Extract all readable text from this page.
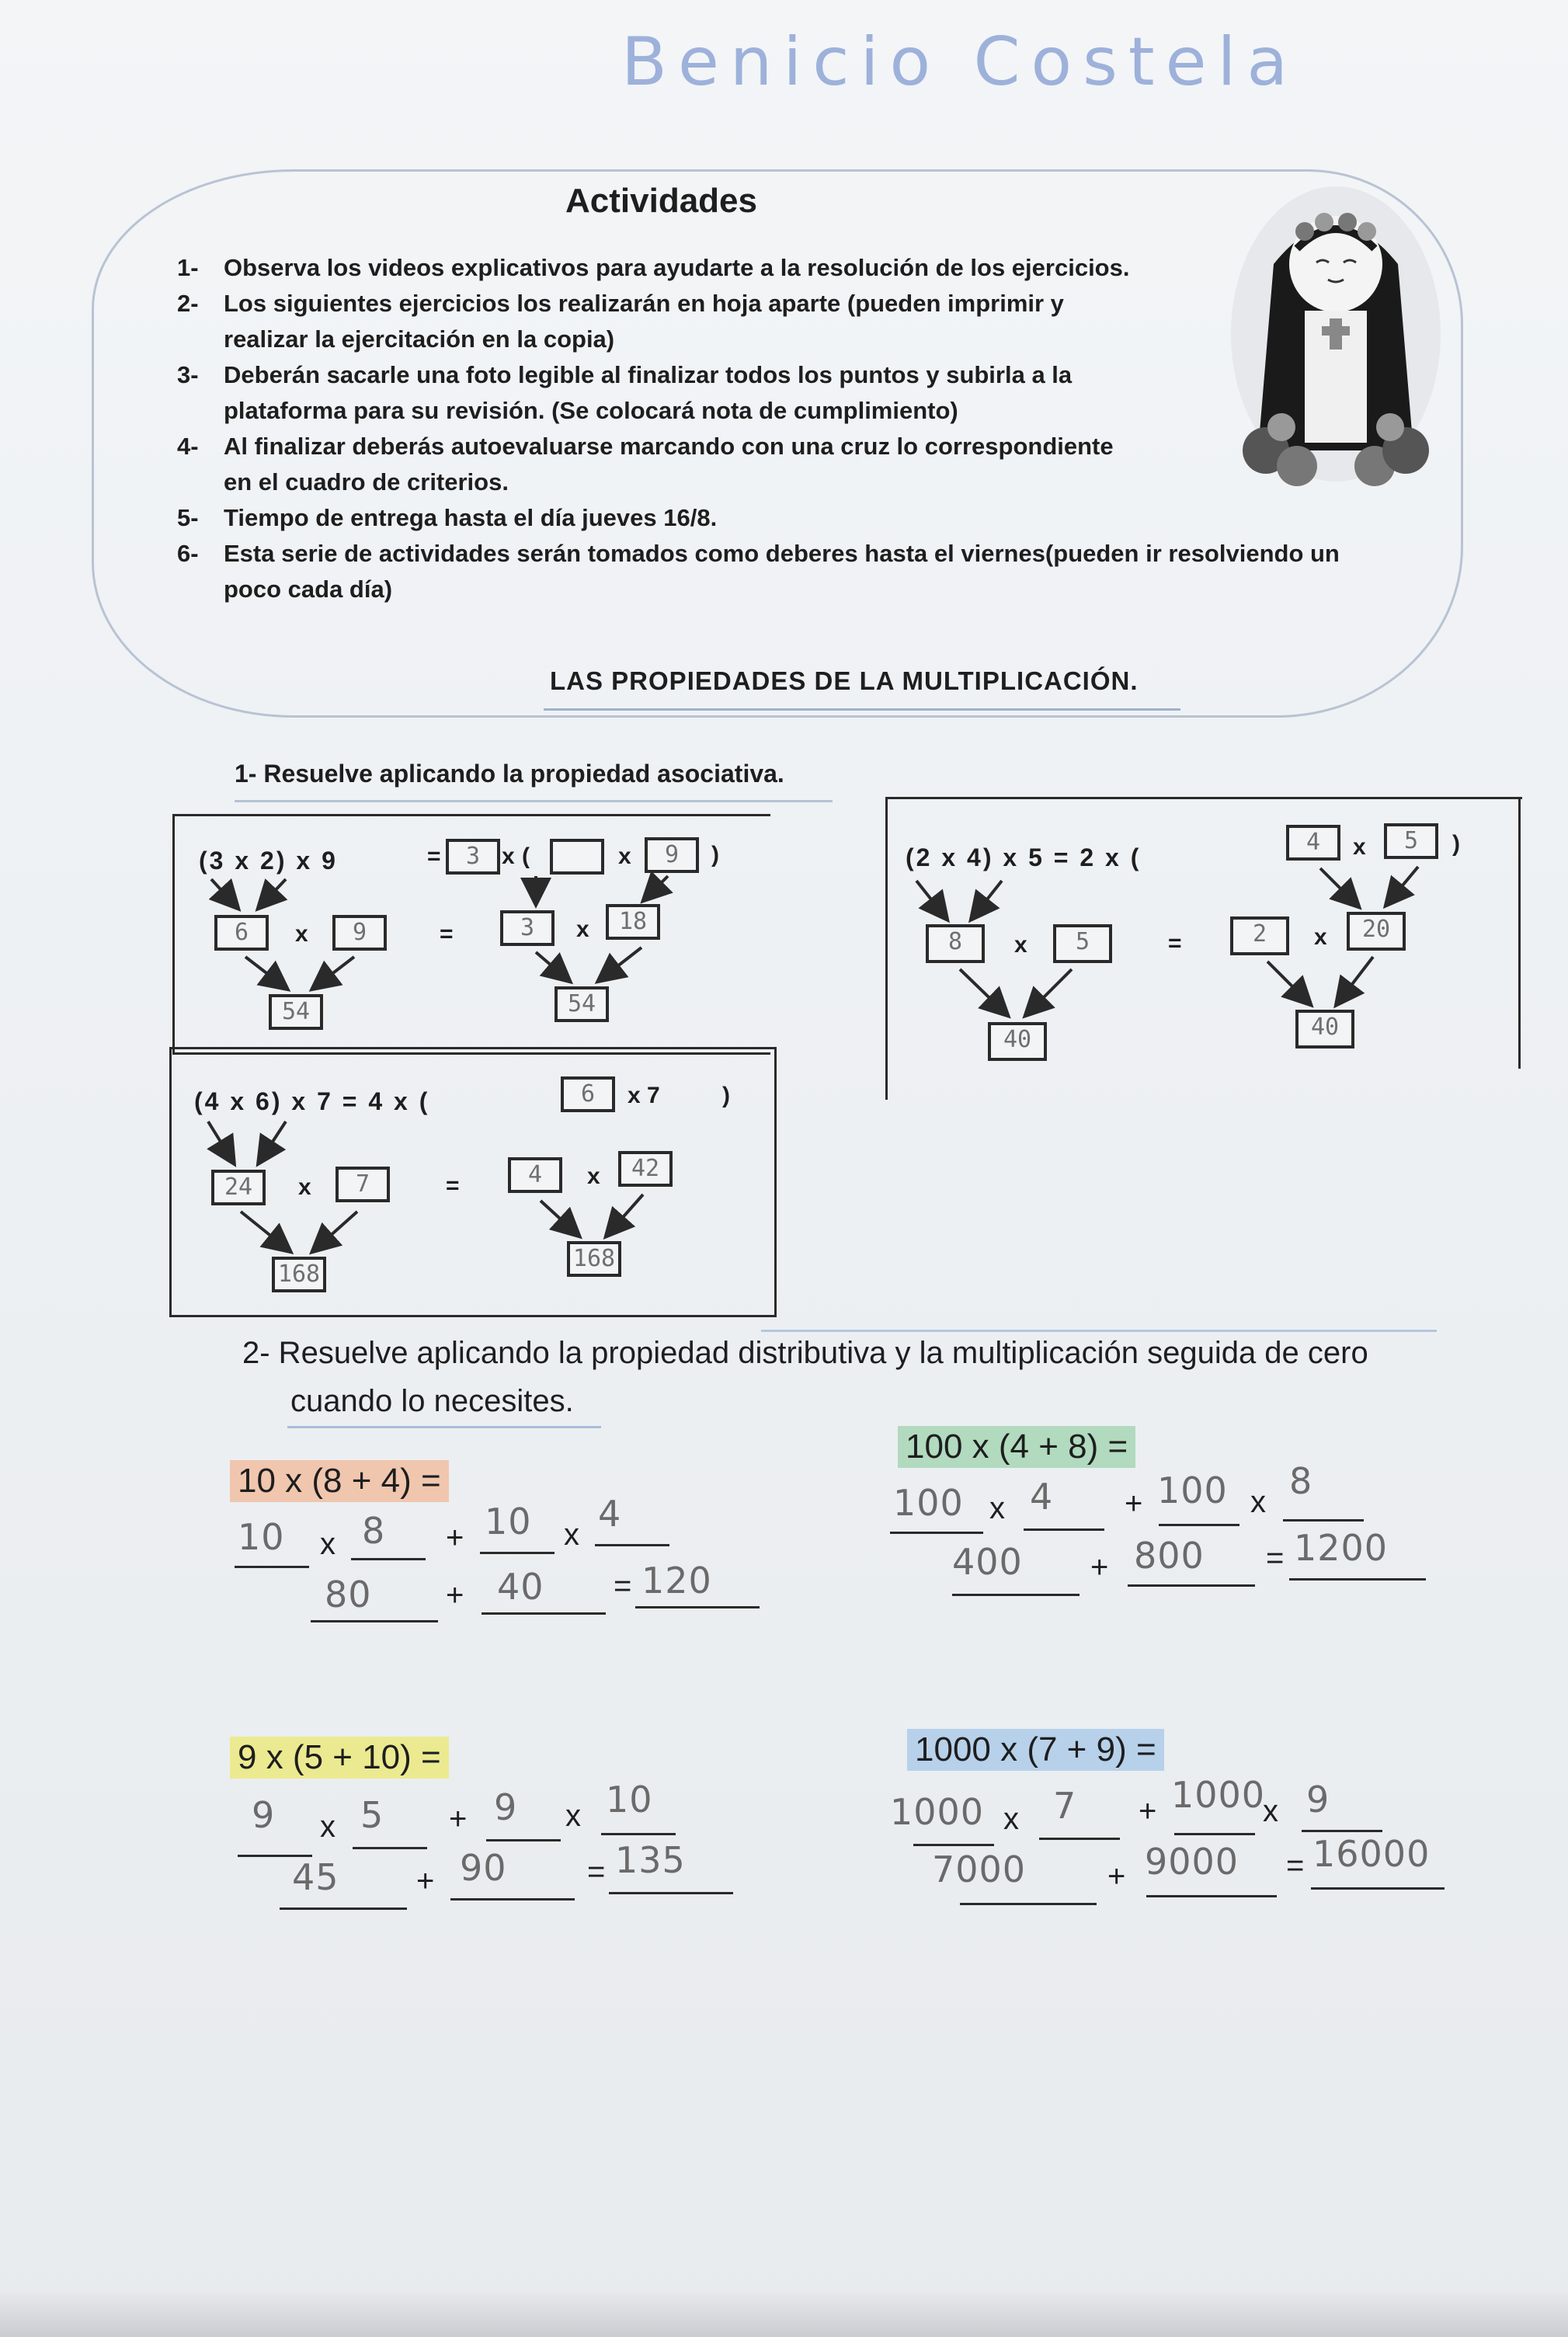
Benicio Costela
Actividades
1- Observa los videos explicativos para ayudarte a la resolución de los ejercicios.
2- Los siguientes ejercicios los realizarán en hoja aparte (pueden imprimir y
realizar la ejercitación en la copia)
3- Deberán sacarle una foto legible al finalizar todos los puntos y subirla a la
plataforma para su revisión. (Se colocará nota de cumplimiento)
4- Al finalizar deberás autoevaluarse marcando con una cruz lo correspondiente
en el cuadro de criterios.
5- Tiempo de entrega hasta el día jueves 16/8.
6- Esta serie de actividades serán tomados como deberes hasta el viernes(pueden ir resolviendo un
poco cada día)
LAS PROPIEDADES DE LA MULTIPLICACIÓN.
1- Resuelve aplicando la propiedad asociativa.
(3 x 2) x 9	=	3 x (	x	9	)
6	x	9	=	3	x	18
54	54
(2 x 4) x 5 = 2 x (
4	x	5	)
8	x	5	=	2	x	20
40	40
(4 x 6) x 7 = 4 x (	6	x 7	)
24	x	7	=	4	x	42
168
168
2- Resuelve aplicando la propiedad distributiva y la multiplicación seguida de cero
cuando lo necesites.
10 x (8 + 4) =
10 x 8 + 10 x 4
80 + 40 = 120
100 x (4 + 8) =
100 x 4 + 100 x 8
400 + 800 = 1200
9 x (5 + 10) =
9 x 5 + 9 x 10
45 + 90	= 135
1000 x (7 + 9) =
1000 x 7 + 1000
x 9
7000	+ 9000 = 16000
